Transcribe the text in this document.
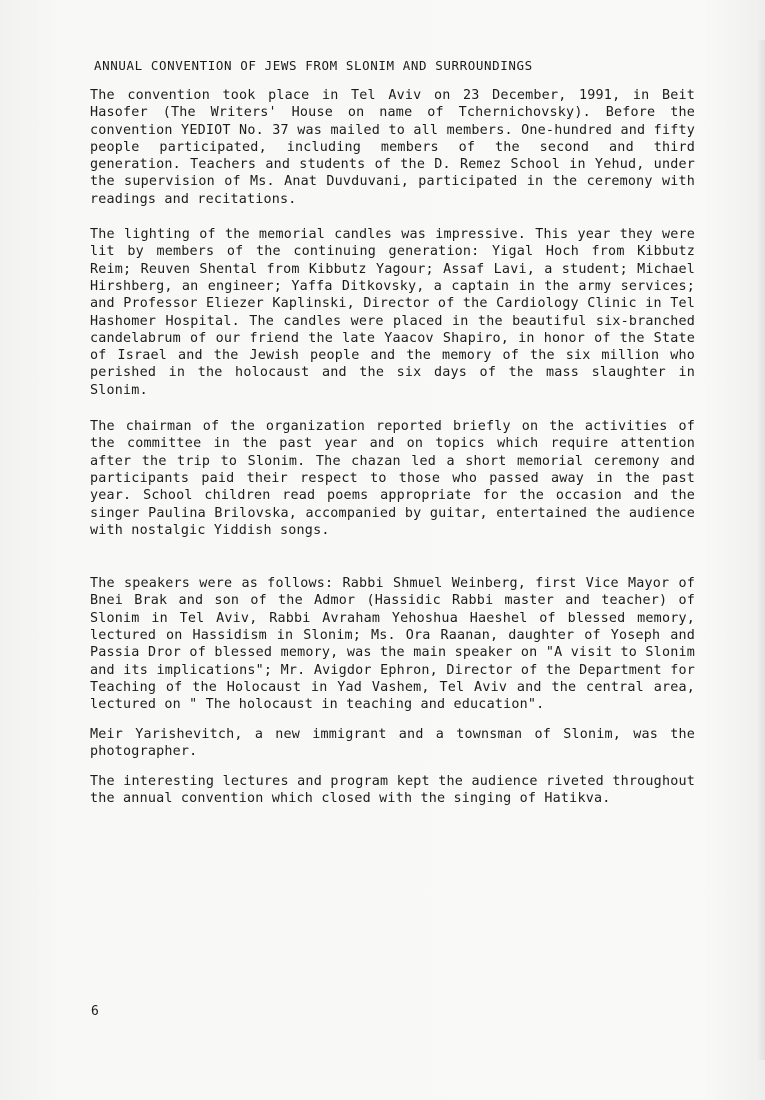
ANNUAL CONVENTION OF JEWS FROM SLONIM AND SURROUNDINGS

The convention took place in Tel Aviv on 23 December, 1991, in Beit Hasofer (The Writers' House on name of Tchernichovsky). Before the convention YEDIOT No. 37 was mailed to all members. One-hundred and fifty people participated, including members of the second and third generation. Teachers and students of the D. Remez School in Yehud, under the supervision of Ms. Anat Duvduvani, participated in the ceremony with readings and recitations.

The lighting of the memorial candles was impressive. This year they were lit by members of the continuing generation: Yigal Hoch from Kibbutz Reim; Reuven Shental from Kibbutz Yagour; Assaf Lavi, a student; Michael Hirshberg, an engineer; Yaffa Ditkovsky, a captain in the army services; and Professor Eliezer Kaplinski, Director of the Cardiology Clinic in Tel Hashomer Hospital. The candles were placed in the beautiful six-branched candelabrum of our friend the late Yaacov Shapiro, in honor of the State of Israel and the Jewish people and the memory of the six million who perished in the holocaust and the six days of the mass slaughter in Slonim.

The chairman of the organization reported briefly on the activities of the committee in the past year and on topics which require attention after the trip to Slonim. The chazan led a short memorial ceremony and participants paid their respect to those who passed away in the past year. School children read poems appropriate for the occasion and the singer Paulina Brilovska, accompanied by guitar, entertained the audience with nostalgic Yiddish songs.

The speakers were as follows: Rabbi Shmuel Weinberg, first Vice Mayor of Bnei Brak and son of the Admor (Hassidic Rabbi master and teacher) of Slonim in Tel Aviv, Rabbi Avraham Yehoshua Haeshel of blessed memory, lectured on Hassidism in Slonim; Ms. Ora Raanan, daughter of Yoseph and Passia Dror of blessed memory, was the main speaker on "A visit to Slonim and its implications"; Mr. Avigdor Ephron, Director of the Department for Teaching of the Holocaust in Yad Vashem, Tel Aviv and the central area, lectured on " The holocaust in teaching and education".

Meir Yarishevitch, a new immigrant and a townsman of Slonim, was the photographer.

The interesting lectures and program kept the audience riveted throughout the annual convention which closed with the singing of Hatikva.

6
